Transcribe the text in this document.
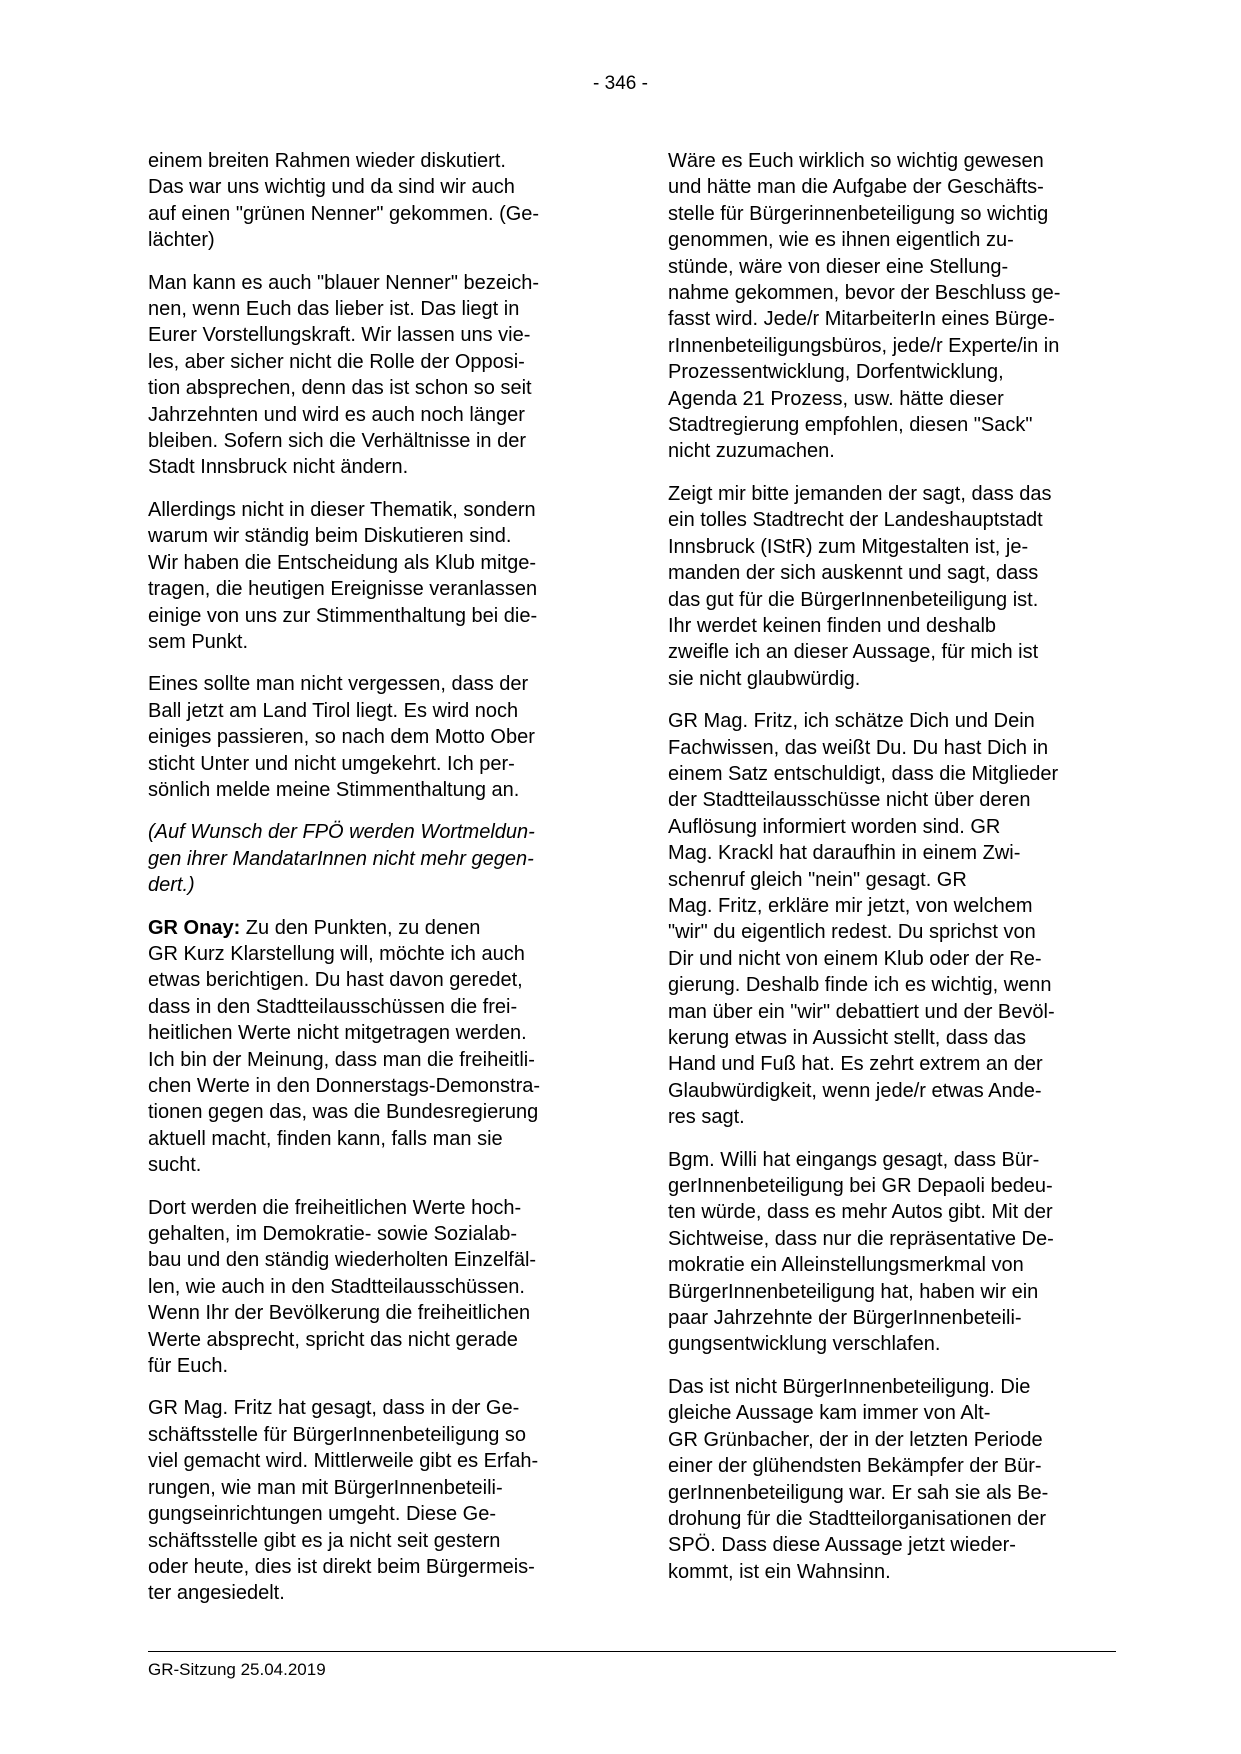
- 346 -

einem breiten Rahmen wieder diskutiert.
Das war uns wichtig und da sind wir auch
auf einen "grünen Nenner" gekommen. (Ge-
lächter)

Man kann es auch "blauer Nenner" bezeich-
nen, wenn Euch das lieber ist. Das liegt in
Eurer Vorstellungskraft. Wir lassen uns vie-
les, aber sicher nicht die Rolle der Opposi-
tion absprechen, denn das ist schon so seit
Jahrzehnten und wird es auch noch länger
bleiben. Sofern sich die Verhältnisse in der
Stadt Innsbruck nicht ändern.

Allerdings nicht in dieser Thematik, sondern
warum wir ständig beim Diskutieren sind.
Wir haben die Entscheidung als Klub mitge-
tragen, die heutigen Ereignisse veranlassen
einige von uns zur Stimmenthaltung bei die-
sem Punkt.

Eines sollte man nicht vergessen, dass der
Ball jetzt am Land Tirol liegt. Es wird noch
einiges passieren, so nach dem Motto Ober
sticht Unter und nicht umgekehrt. Ich per-
sönlich melde meine Stimmenthaltung an.

(Auf Wunsch der FPÖ werden Wortmeldun-
gen ihrer MandatarInnen nicht mehr gegen-
dert.)

GR Onay: Zu den Punkten, zu denen
GR Kurz Klarstellung will, möchte ich auch
etwas berichtigen. Du hast davon geredet,
dass in den Stadtteilausschüssen die frei-
heitlichen Werte nicht mitgetragen werden.
Ich bin der Meinung, dass man die freiheitli-
chen Werte in den Donnerstags-Demonstra-
tionen gegen das, was die Bundesregierung
aktuell macht, finden kann, falls man sie
sucht.

Dort werden die freiheitlichen Werte hoch-
gehalten, im Demokratie- sowie Sozialab-
bau und den ständig wiederholten Einzelfäl-
len, wie auch in den Stadtteilausschüssen.
Wenn Ihr der Bevölkerung die freiheitlichen
Werte absprecht, spricht das nicht gerade
für Euch.

GR Mag. Fritz hat gesagt, dass in der Ge-
schäftsstelle für BürgerInnenbeteiligung so
viel gemacht wird. Mittlerweile gibt es Erfah-
rungen, wie man mit BürgerInnenbeteili-
gungseinrichtungen umgeht. Diese Ge-
schäftsstelle gibt es ja nicht seit gestern
oder heute, dies ist direkt beim Bürgermeis-
ter angesiedelt.

Wäre es Euch wirklich so wichtig gewesen
und hätte man die Aufgabe der Geschäfts-
stelle für Bürgerinnenbeteiligung so wichtig
genommen, wie es ihnen eigentlich zu-
stünde, wäre von dieser eine Stellung-
nahme gekommen, bevor der Beschluss ge-
fasst wird. Jede/r MitarbeiterIn eines Bürge-
rInnenbeteiligungsbüros, jede/r Experte/in in
Prozessentwicklung, Dorfentwicklung,
Agenda 21 Prozess, usw. hätte dieser
Stadtregierung empfohlen, diesen "Sack"
nicht zuzumachen.

Zeigt mir bitte jemanden der sagt, dass das
ein tolles Stadtrecht der Landeshauptstadt
Innsbruck (IStR) zum Mitgestalten ist, je-
manden der sich auskennt und sagt, dass
das gut für die BürgerInnenbeteiligung ist.
Ihr werdet keinen finden und deshalb
zweifle ich an dieser Aussage, für mich ist
sie nicht glaubwürdig.

GR Mag. Fritz, ich schätze Dich und Dein
Fachwissen, das weißt Du. Du hast Dich in
einem Satz entschuldigt, dass die Mitglieder
der Stadtteilausschüsse nicht über deren
Auflösung informiert worden sind. GR
Mag. Krackl hat daraufhin in einem Zwi-
schenruf gleich "nein" gesagt. GR
Mag. Fritz, erkläre mir jetzt, von welchem
"wir" du eigentlich redest. Du sprichst von
Dir und nicht von einem Klub oder der Re-
gierung. Deshalb finde ich es wichtig, wenn
man über ein "wir" debattiert und der Bevöl-
kerung etwas in Aussicht stellt, dass das
Hand und Fuß hat. Es zehrt extrem an der
Glaubwürdigkeit, wenn jede/r etwas Ande-
res sagt.

Bgm. Willi hat eingangs gesagt, dass Bür-
gerInnenbeteiligung bei GR Depaoli bedeu-
ten würde, dass es mehr Autos gibt. Mit der
Sichtweise, dass nur die repräsentative De-
mokratie ein Alleinstellungsmerkmal von
BürgerInnenbeteiligung hat, haben wir ein
paar Jahrzehnte der BürgerInnenbeteili-
gungsentwicklung verschlafen.

Das ist nicht BürgerInnenbeteiligung. Die
gleiche Aussage kam immer von Alt-
GR Grünbacher, der in der letzten Periode
einer der glühendsten Bekämpfer der Bür-
gerInnenbeteiligung war. Er sah sie als Be-
drohung für die Stadtteilorganisationen der
SPÖ. Dass diese Aussage jetzt wieder-
kommt, ist ein Wahnsinn.

GR-Sitzung 25.04.2019
